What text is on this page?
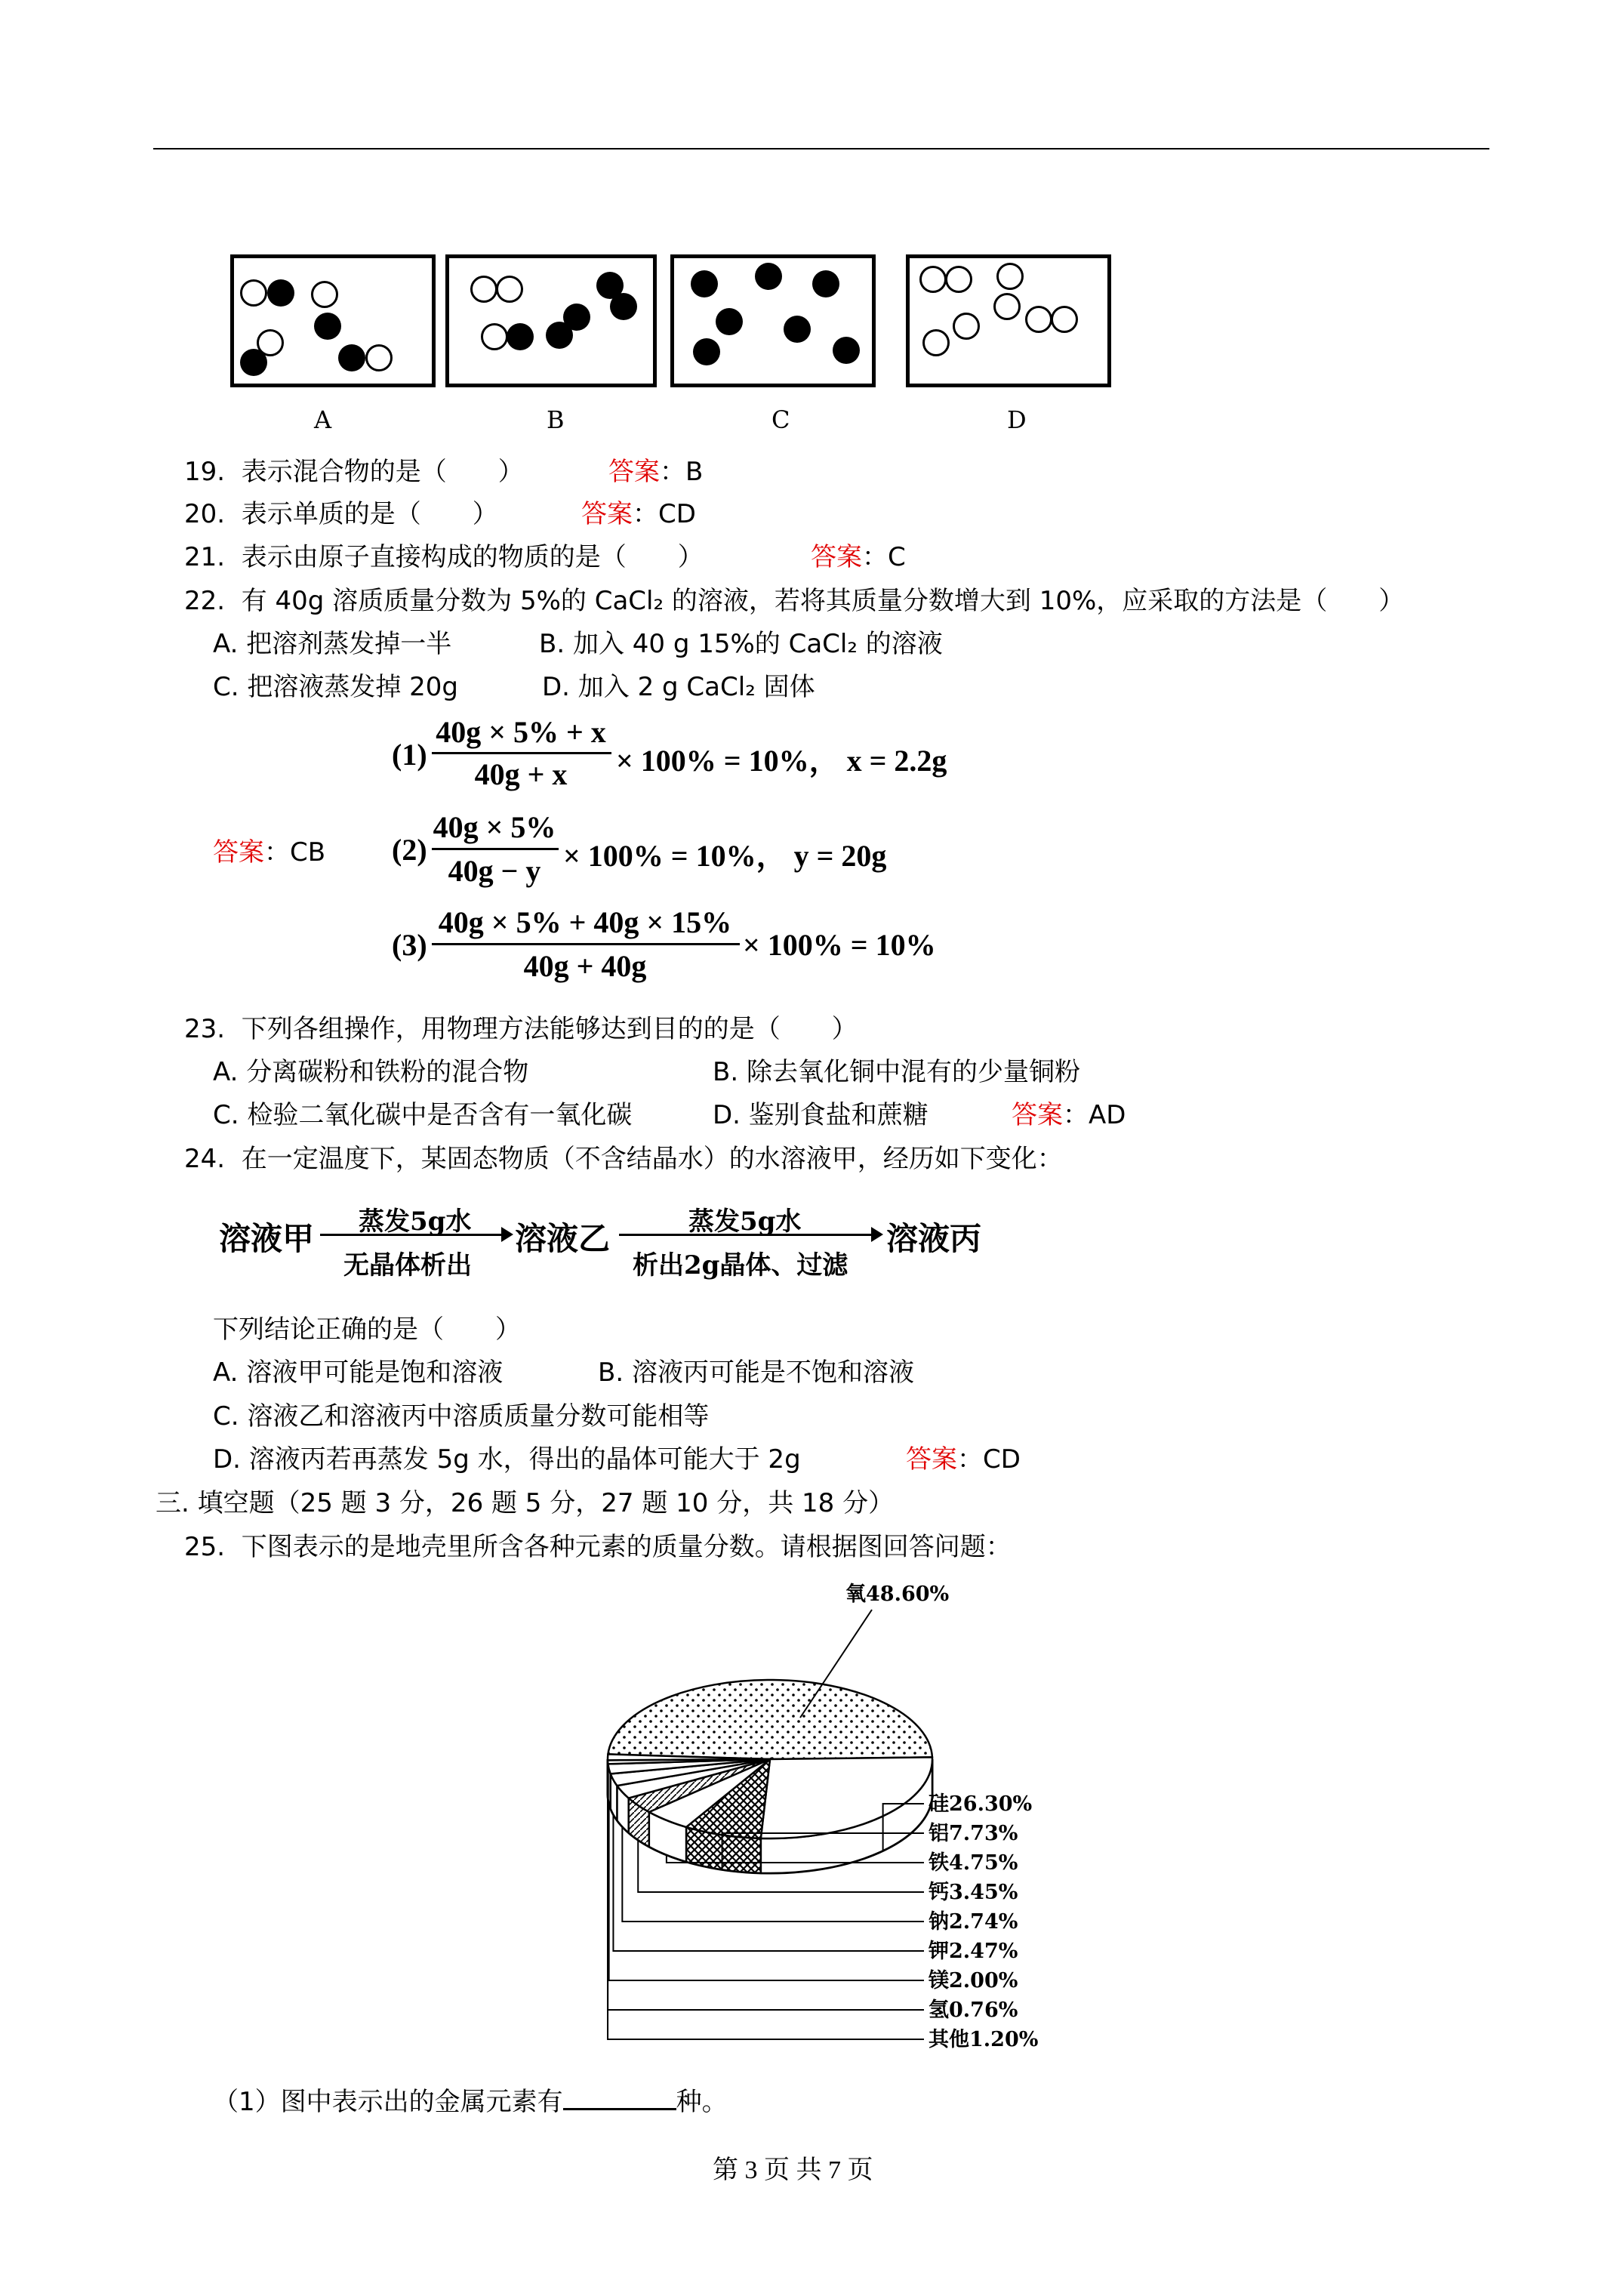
A	B	C	D
19. 表示混合物的是（　　）	答案：B
20. 表示单质的是（　　）	答案：CD
21. 表示由原子直接构成的物质的是（　　）	答案：C
22. 有 40g 溶质质量分数为 5%的 CaCl₂ 的溶液，若将其质量分数增大到 10%，应采取的方法是（　　）
A. 把溶剂蒸发掉一半	B. 加入 40 g 15%的 CaCl₂ 的溶液
C. 把溶液蒸发掉 20g	D. 加入 2 g CaCl₂ 固体
(1)
40g × 5% + x
40g + x	× 100% = 10%， x = 2.2g
答案：CB (2)
40g × 5%
40g − y × 100% = 10%， y = 20g
(3)
40g × 5% + 40g × 15%
40g + 40g
× 100% = 10%
23. 下列各组操作，用物理方法能够达到目的的是（　　）
A. 分离碳粉和铁粉的混合物	B. 除去氧化铜中混有的少量铜粉
C. 检验二氧化碳中是否含有一氧化碳	D. 鉴别食盐和蔗糖	答案：AD
24. 在一定温度下，某固态物质（不含结晶水）的水溶液甲，经历如下变化：
溶液甲 蒸发5g水
无晶体析出
溶液乙	蒸发5g水
析出2g晶体、过滤
溶液丙
下列结论正确的是（　　）
A. 溶液甲可能是饱和溶液	B. 溶液丙可能是不饱和溶液
C. 溶液乙和溶液丙中溶质质量分数可能相等
D. 溶液丙若再蒸发 5g 水，得出的晶体可能大于 2g	答案：CD
三. 填空题（25 题 3 分，26 题 5 分，27 题 10 分，共 18 分）
25. 下图表示的是地壳里所含各种元素的质量分数。请根据图回答问题：
氧48.60%
硅26.30%
铝7.73%
铁4.75%
钙3.45%
钠2.74%
钾2.47%
镁2.00%
氢0.76%
其他1.20%
（1）图中表示出的金属元素有	种。
第 3 页 共 7 页
